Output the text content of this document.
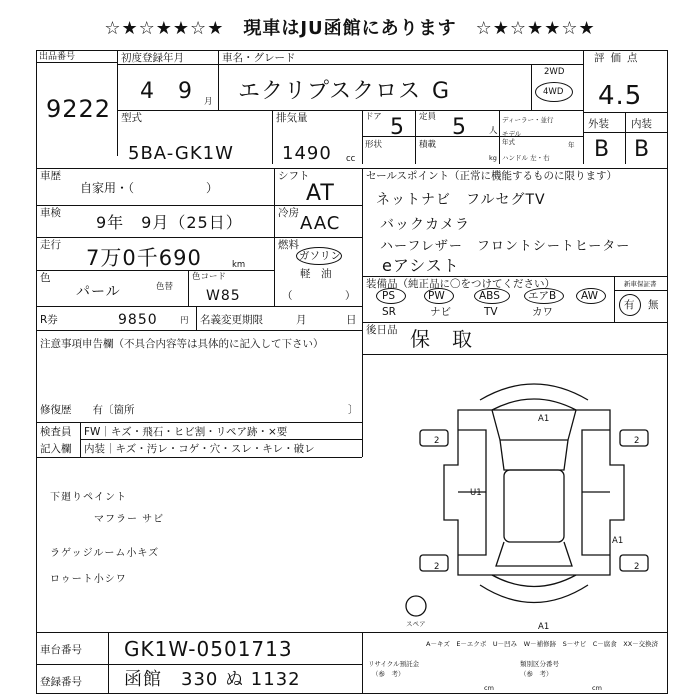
☆★☆★★☆★　現車はJU函館にあります　☆★☆★★☆★
出品番号
9222
初度登録年月	車名・グレード
4 9 月 エクリプスクロス G
2WD
4WD
評価点
4.5
型式
5BA-GK1W
排気量
1490 cc
ドア 5 定員 5	人
ディーラー・並行
形状	積載
kg
モデル
年式	年
ハンドル 左・右
外装 内装
B B
車歴
自家用・（　　　　　　）
シフト
AT
セールスポイント（正常に機能するものに限ります）
ネットナビ　フルセグTV
バックカメラ
ハーフレザー　フロントシートヒーター
eアシスト
車検 9年　9月（25日）	冷房 AAC
走行
7万0千690	km
燃料
ガソリン
軽　油
（　　　　　）
色
パール	色替
色コード
W85
装備品（純正品に〇をつけてください）	新車保証書
有 無
PS	PW	ABS	エアB AW
SR	ナビ	TV	カワ
R券	9850	円 名義変更期限	月	日
後日品 保　取
注意事項申告欄（不具合内容等は具体的に記入して下さい）
修復歴　　有〔箇所	〕
検査員 FW｜キズ・飛石・ヒビ割・リペア跡・×要
記入欄 内装｜キズ・汚レ・コゲ・穴・スレ・キレ・破レ
下廻りペイント
マフラー サビ
ラゲッジルーム小キズ
ロゥート小シワ
A1
U1
A1
A1
2	2
2	2
スペア
A－キズ　E－エクボ　U－凹み　W－補修跡　S－サビ　C－腐食　XX－交換済
車台番号 GK1W-0501713
登録番号 函館　330 ぬ 1132
リサイクル預託金
（参　考）
類別区分番号
（参　考）
cm	cm
